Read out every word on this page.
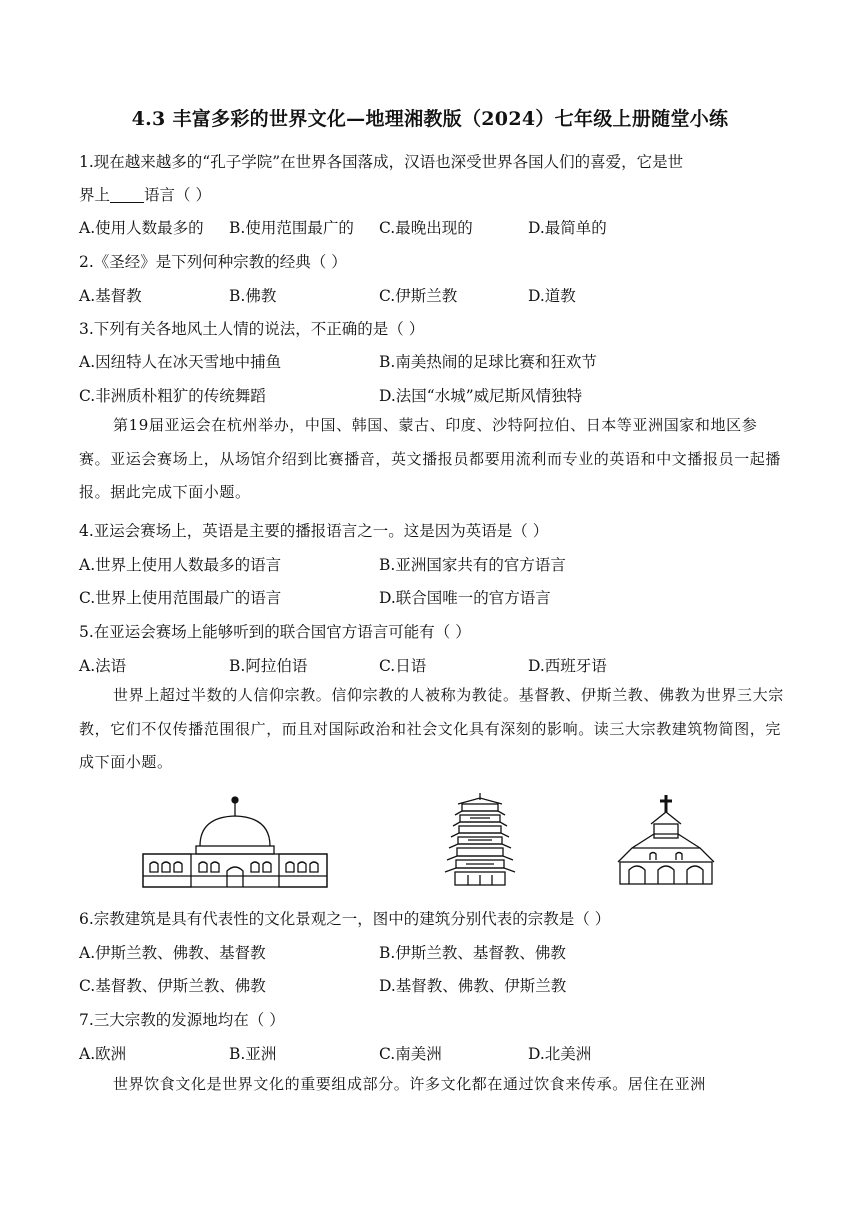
4.3 丰富多彩的世界文化—地理湘教版（2024）七年级上册随堂小练
1.现在越来越多的“孔子学院”在世界各国落成，汉语也深受世界各国人们的喜爱，它是世
界上 语言（ ）
A.使用人数最多的 B.使用范围最广的 C.最晚出现的	D.最简单的
2.《圣经》是下列何种宗教的经典（ ）
A.基督教	B.佛教	C.伊斯兰教	D.道教
3.下列有关各地风土人情的说法，不正确的是（ ）
A.因纽特人在冰天雪地中捕鱼	B.南美热闹的足球比赛和狂欢节
C.非洲质朴粗犷的传统舞蹈	D.法国“水城”威尼斯风情独特
第19届亚运会在杭州举办，中国、韩国、蒙古、印度、沙特阿拉伯、日本等亚洲国家和地区参赛。亚运会赛场上，从场馆介绍到比赛播音，英文播报员都要用流利而专业的英语和中文播报员一起播报。据此完成下面小题。
4.亚运会赛场上，英语是主要的播报语言之一。这是因为英语是（ ）
A.世界上使用人数最多的语言	B.亚洲国家共有的官方语言
C.世界上使用范围最广的语言	D.联合国唯一的官方语言
5.在亚运会赛场上能够听到的联合国官方语言可能有（ ）
A.法语	B.阿拉伯语	C.日语	D.西班牙语
世界上超过半数的人信仰宗教。信仰宗教的人被称为教徒。基督教、伊斯兰教、佛教为世界三大宗教，它们不仅传播范围很广，而且对国际政治和社会文化具有深刻的影响。读三大宗教建筑物简图，完成下面小题。
6.宗教建筑是具有代表性的文化景观之一，图中的建筑分别代表的宗教是（ ）
A.伊斯兰教、佛教、基督教	B.伊斯兰教、基督教、佛教
C.基督教、伊斯兰教、佛教	D.基督教、佛教、伊斯兰教
7.三大宗教的发源地均在（ ）
A.欧洲	B.亚洲	C.南美洲	D.北美洲
世界饮食文化是世界文化的重要组成部分。许多文化都在通过饮食来传承。居住在亚洲
